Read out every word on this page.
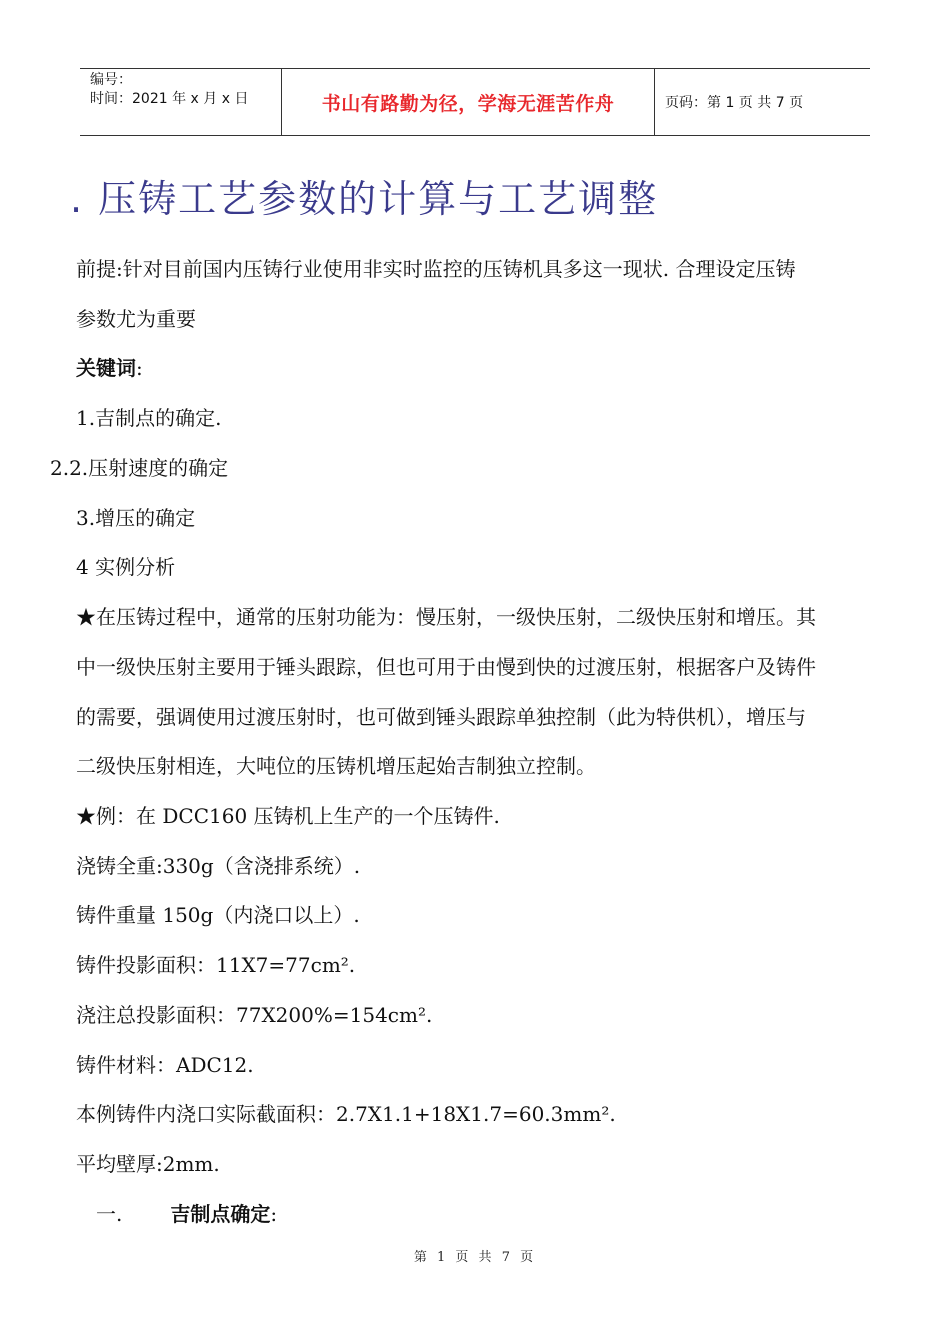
编号：
时间：2021 年 x 月 x 日	书山有路勤为径，学海无涯苦作舟	页码：第 1 页 共 7 页
. 压铸工艺参数的计算与工艺调整
前提:针对目前国内压铸行业使用非实时监控的压铸机具多这一现状. 合理设定压铸
参数尤为重要
关键词:
1.吉制点的确定.
2.2.压射速度的确定
3.增压的确定
4 实例分析
★在压铸过程中，通常的压射功能为：慢压射，一级快压射，二级快压射和增压。其
中一级快压射主要用于锤头跟踪，但也可用于由慢到快的过渡压射，根据客户及铸件
的需要，强调使用过渡压射时，也可做到锤头跟踪单独控制（此为特供机），增压与
二级快压射相连，大吨位的压铸机增压起始吉制独立控制。
★例：在 DCC160 压铸机上生产的一个压铸件.
浇铸全重:330g（含浇排系统）.
铸件重量 150g（内浇口以上）.
铸件投影面积：11X7=77cm².
浇注总投影面积：77X200%=154cm².
铸件材料：ADC12.
本例铸件内浇口实际截面积：2.7X1.1+18X1.7=60.3mm².
平均壁厚:2mm.
一. 吉制点确定:
第 1 页 共 7 页
